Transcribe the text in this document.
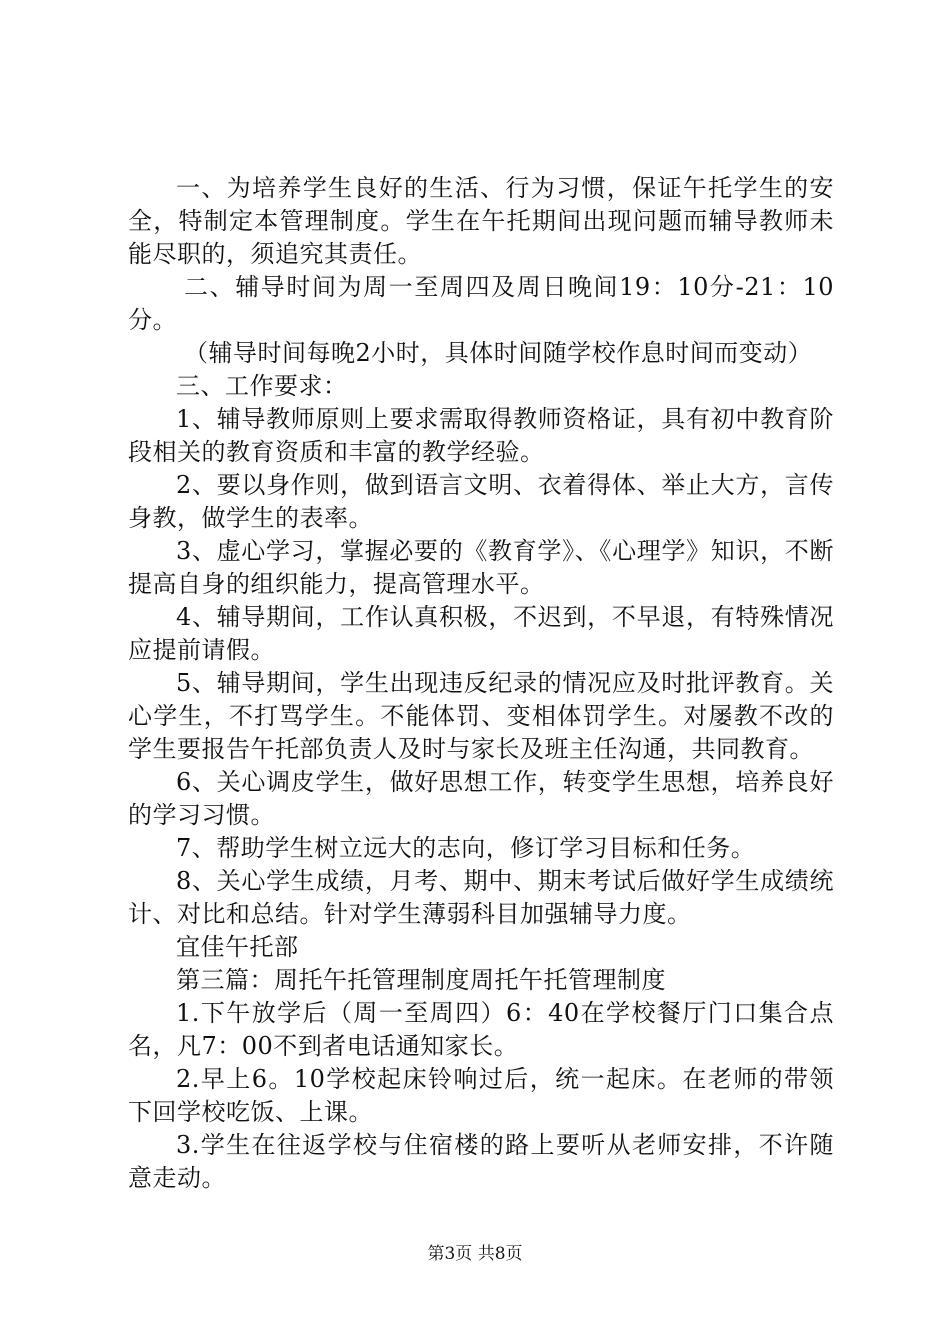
一、为培养学生良好的生活、行为习惯，保证午托学生的安全，特制定本管理制度。学生在午托期间出现问题而辅导教师未能尽职的，须追究其责任。

二、辅导时间为周一至周四及周日晚间19：10分-21：10分。

（辅导时间每晚2小时，具体时间随学校作息时间而变动）

三、工作要求：

1、辅导教师原则上要求需取得教师资格证，具有初中教育阶段相关的教育资质和丰富的教学经验。

2、要以身作则，做到语言文明、衣着得体、举止大方，言传身教，做学生的表率。

3、虚心学习，掌握必要的《教育学》、《心理学》知识，不断提高自身的组织能力，提高管理水平。

4、辅导期间，工作认真积极，不迟到，不早退，有特殊情况应提前请假。

5、辅导期间，学生出现违反纪录的情况应及时批评教育。关心学生，不打骂学生。不能体罚、变相体罚学生。对屡教不改的学生要报告午托部负责人及时与家长及班主任沟通，共同教育。

6、关心调皮学生，做好思想工作，转变学生思想，培养良好的学习习惯。

7、帮助学生树立远大的志向，修订学习目标和任务。

8、关心学生成绩，月考、期中、期末考试后做好学生成绩统计、对比和总结。针对学生薄弱科目加强辅导力度。

宜佳午托部

第三篇：周托午托管理制度周托午托管理制度

1.下午放学后（周一至周四）6：40在学校餐厅门口集合点名，凡7：00不到者电话通知家长。

2.早上6。10学校起床铃响过后，统一起床。在老师的带领下回学校吃饭、上课。

3.学生在往返学校与住宿楼的路上要听从老师安排，不许随意走动。

第3页 共8页
